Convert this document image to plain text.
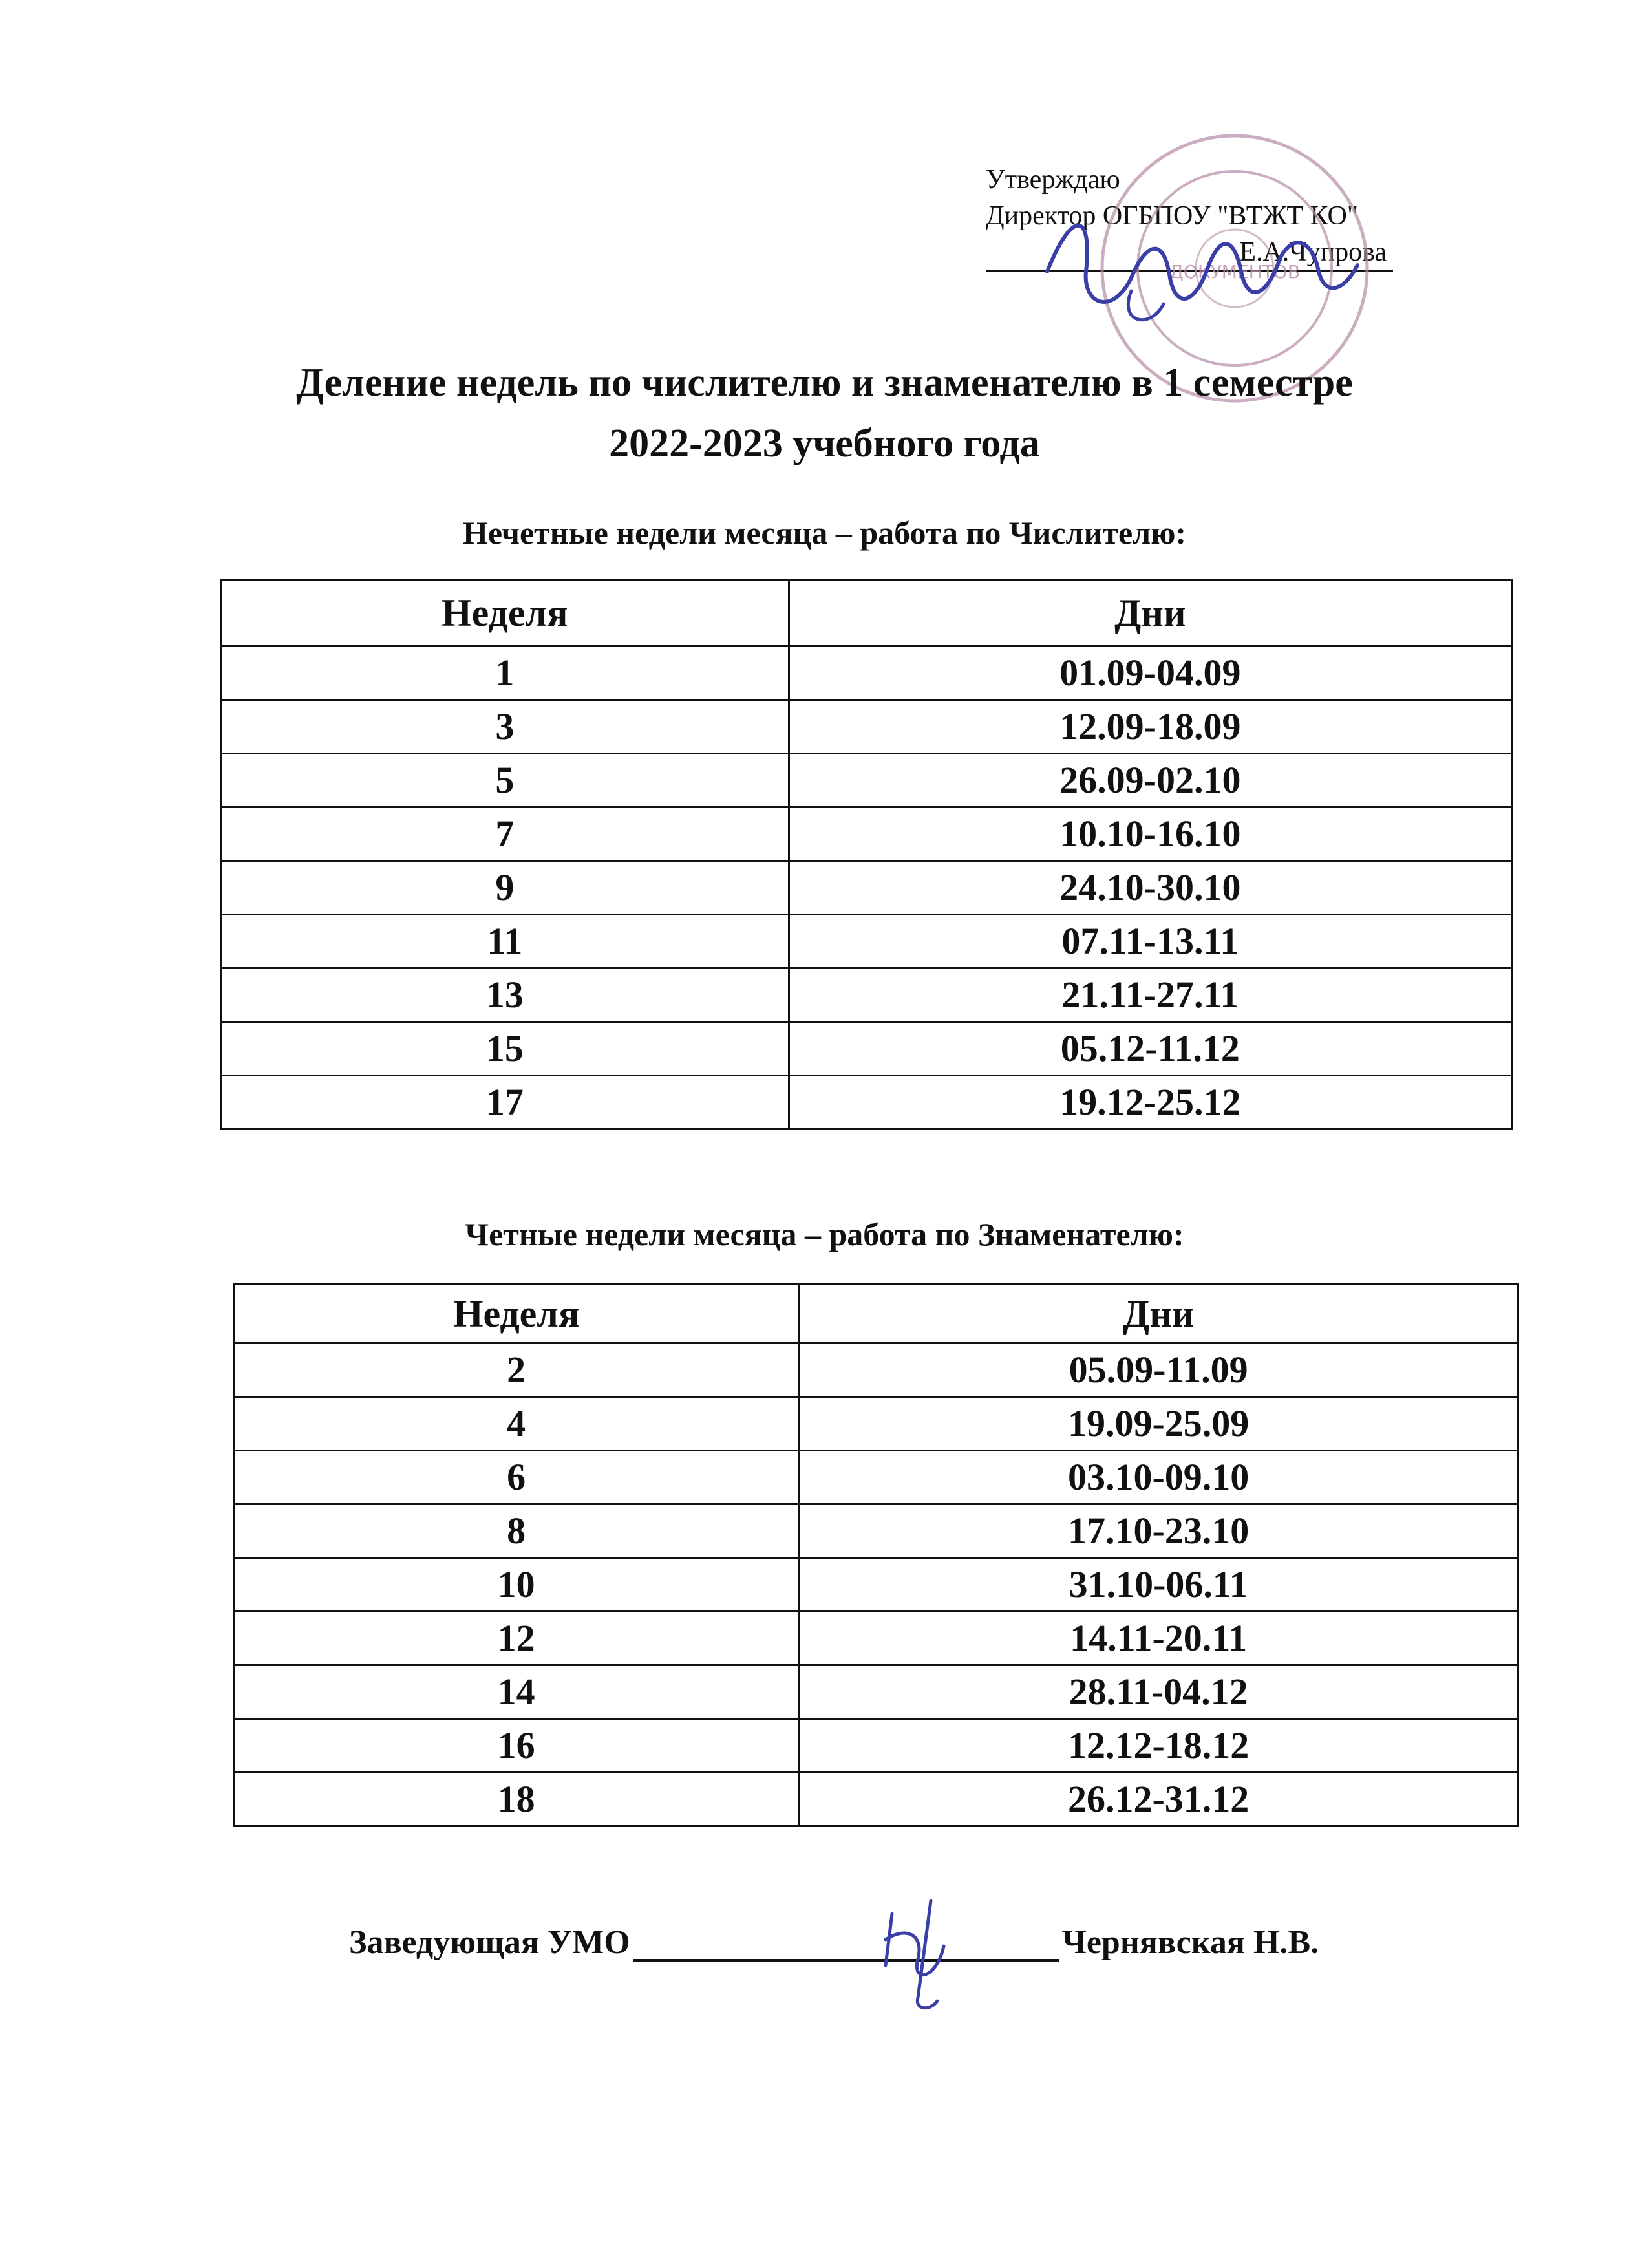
Утверждаю

Директор ОГБПОУ "ВТЖТ КО"
Е.А.Чупрова
ДОКУМЕНТОВ
Деление недель по числителю и знаменателю в 1 семестре
2022-2023 учебного года
Нечетные недели месяца – работа по Числителю:
Неделя	Дни
1	01.09-04.09
3	12.09-18.09
5	26.09-02.10
7	10.10-16.10
9	24.10-30.10
11	07.11-13.11
13	21.11-27.11
15	05.12-11.12
17	19.12-25.12
Четные недели месяца – работа по Знаменателю:
Неделя	Дни
2	05.09-11.09
4	19.09-25.09
6	03.10-09.10
8	17.10-23.10
10	31.10-06.11
12	14.11-20.11
14	28.11-04.12
16	12.12-18.12
18	26.12-31.12
Заведующая УМО	Чернявская Н.В.
